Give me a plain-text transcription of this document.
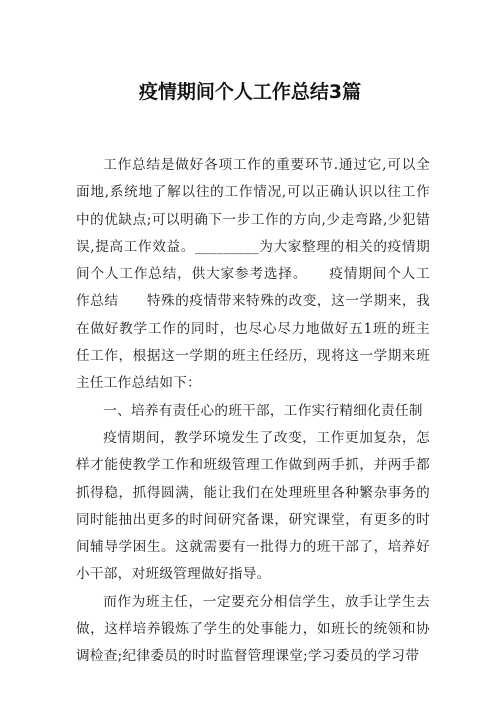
疫情期间个人工作总结3篇

工作总结是做好各项工作的重要环节.通过它,可以全面地,系统地了解以往的工作情况,可以正确认识以往工作中的优缺点;可以明确下一步工作的方向,少走弯路,少犯错误,提高工作效益。_________为大家整理的相关的疫情期间个人工作总结，供大家参考选择。　　疫情期间个人工作总结　　特殊的疫情带来特殊的改变，这一学期来，我在做好教学工作的同时，也尽心尽力地做好五1班的班主任工作，根据这一学期的班主任经历，现将这一学期来班主任工作总结如下：

一、培养有责任心的班干部，工作实行精细化责任制

疫情期间，教学环境发生了改变，工作更加复杂，怎样才能使教学工作和班级管理工作做到两手抓，并两手都抓得稳，抓得圆满，能让我们在处理班里各种繁杂事务的同时能抽出更多的时间研究备课，研究课堂，有更多的时间辅导学困生。这就需要有一批得力的班干部了，培养好小干部，对班级管理做好指导。

而作为班主任，一定要充分相信学生，放手让学生去做，这样培养锻炼了学生的处事能力，如班长的统领和协调检查;纪律委员的时时监督管理课堂;学习委员的学习带
